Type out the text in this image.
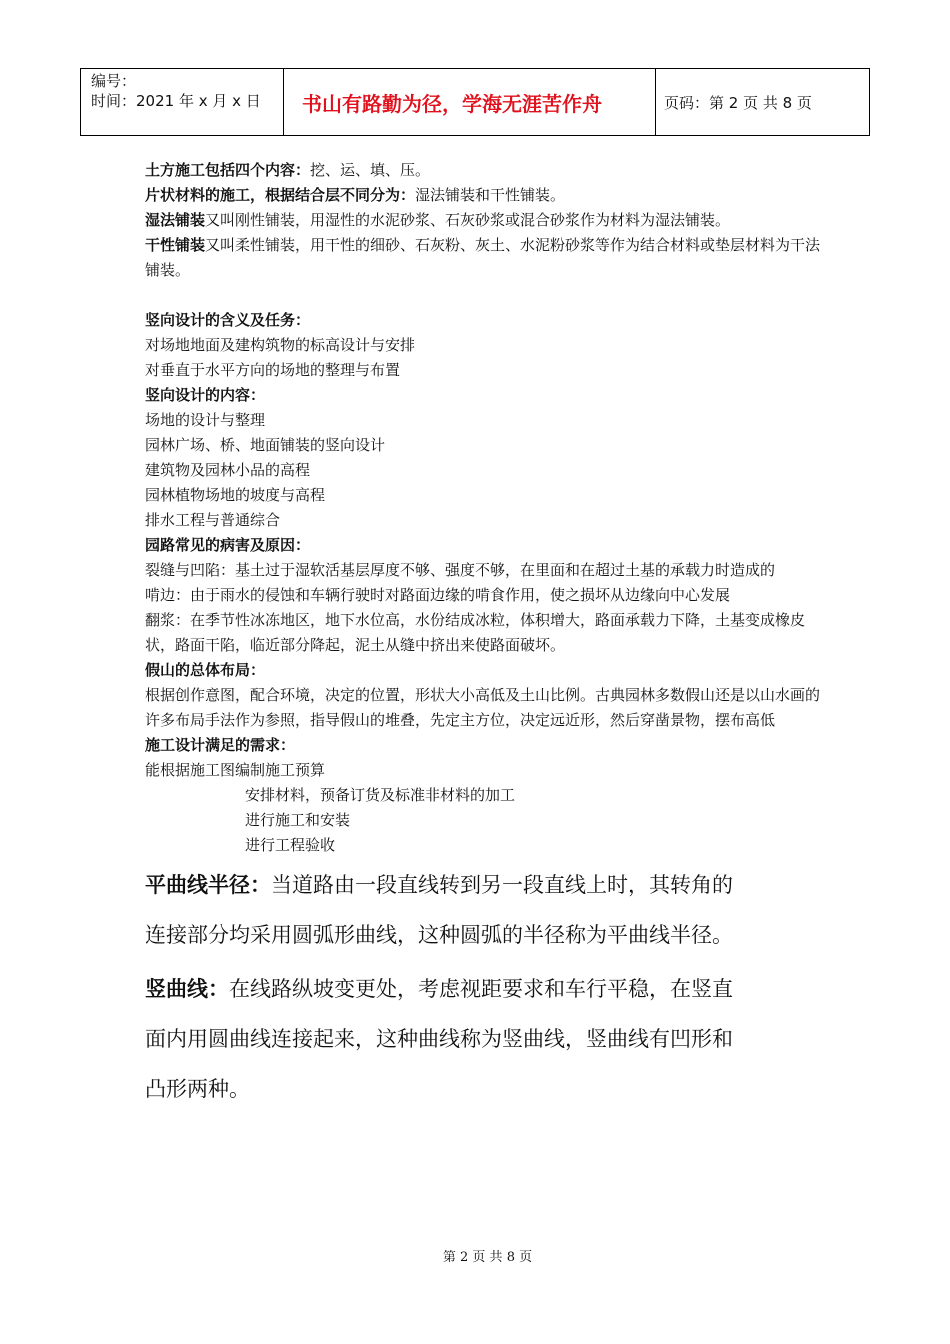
编号：
时间：2021 年 x 月 x 日	书山有路勤为径，学海无涯苦作舟	页码：第 2 页 共 8 页

土方施工包括四个内容：挖、运、填、压。

片状材料的施工，根据结合层不同分为：湿法铺装和干性铺装。

湿法铺装又叫刚性铺装，用湿性的水泥砂浆、石灰砂浆或混合砂浆作为材料为湿法铺装。

干性铺装又叫柔性铺装，用干性的细砂、石灰粉、灰土、水泥粉砂浆等作为结合材料或垫层材料为干法铺装。

竖向设计的含义及任务：

对场地地面及建构筑物的标高设计与安排

对垂直于水平方向的场地的整理与布置

竖向设计的内容：

场地的设计与整理

园林广场、桥、地面铺装的竖向设计

建筑物及园林小品的高程

园林植物场地的坡度与高程

排水工程与普通综合

园路常见的病害及原因：

裂缝与凹陷：基土过于湿软活基层厚度不够、强度不够，在里面和在超过土基的承载力时造成的

啃边：由于雨水的侵蚀和车辆行驶时对路面边缘的啃食作用，使之损坏从边缘向中心发展

翻浆：在季节性冰冻地区，地下水位高，水份结成冰粒，体积增大，路面承载力下降，土基变成橡皮状，路面干陷，临近部分降起，泥土从缝中挤出来使路面破坏。

假山的总体布局：

根据创作意图，配合环境，决定的位置，形状大小高低及土山比例。古典园林多数假山还是以山水画的许多布局手法作为参照，指导假山的堆叠，先定主方位，决定远近形，然后穿凿景物，摆布高低

施工设计满足的需求：

能根据施工图编制施工预算

安排材料，预备订货及标准非材料的加工

进行施工和安装

进行工程验收

平曲线半径：当道路由一段直线转到另一段直线上时，其转角的连接部分均采用圆弧形曲线，这种圆弧的半径称为平曲线半径。

竖曲线：在线路纵坡变更处，考虑视距要求和车行平稳，在竖直面内用圆曲线连接起来，这种曲线称为竖曲线，竖曲线有凹形和凸形两种。

第 2 页 共 8 页
